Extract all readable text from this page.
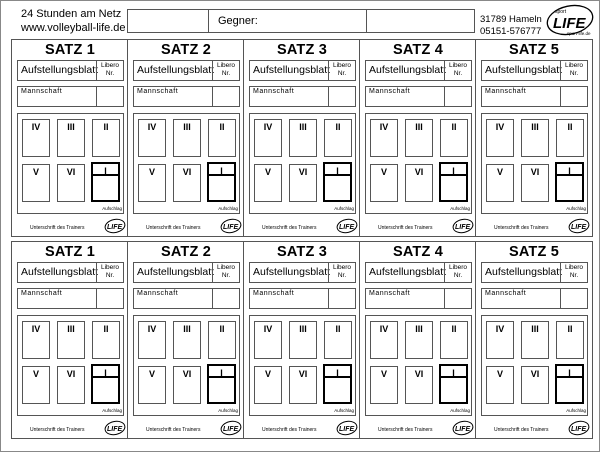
24 Stunden am Netz
www.volleyball-life.de
Gegner:	31789 Hameln
05151-576777
sport
LIFE
sport-life.de
SATZ 1
Aufstellungsblatt Libero
Nr.
Mannschaft
IV	III	II
V	VI	I
Aufschlag
Unterschrift des Trainers	LIFE
SATZ 2
Aufstellungsblatt Libero
Nr.
Mannschaft
IV	III	II
V	VI	I
Aufschlag
Unterschrift des Trainers	LIFE
SATZ 3
Aufstellungsblatt Libero
Nr.
Mannschaft
IV	III	II
V	VI	I
Aufschlag
Unterschrift des Trainers	LIFE
SATZ 4
Aufstellungsblatt Libero
Nr.
Mannschaft
IV	III	II
V	VI	I
Aufschlag
Unterschrift des Trainers	LIFE
SATZ 5
Aufstellungsblatt Libero
Nr.
Mannschaft
IV	III	II
V	VI	I
Aufschlag
Unterschrift des Trainers	LIFE
SATZ 1
Aufstellungsblatt Libero
Nr.
Mannschaft
IV	III	II
V	VI	I
Aufschlag
Unterschrift des Trainers	LIFE
SATZ 2
Aufstellungsblatt Libero
Nr.
Mannschaft
IV	III	II
V	VI	I
Aufschlag
Unterschrift des Trainers	LIFE
SATZ 3
Aufstellungsblatt Libero
Nr.
Mannschaft
IV	III	II
V	VI	I
Aufschlag
Unterschrift des Trainers	LIFE
SATZ 4
Aufstellungsblatt Libero
Nr.
Mannschaft
IV	III	II
V	VI	I
Aufschlag
Unterschrift des Trainers	LIFE
SATZ 5
Aufstellungsblatt Libero
Nr.
Mannschaft
IV	III	II
V	VI	I
Aufschlag
Unterschrift des Trainers	LIFE
